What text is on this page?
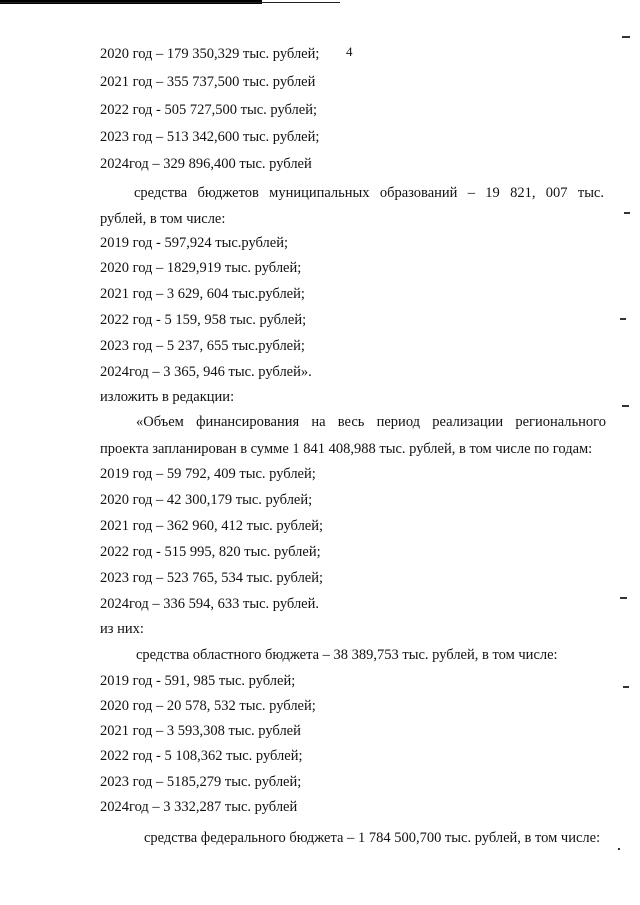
4
2020 год – 179 350,329 тыс. рублей;
2021 год – 355 737,500 тыс. рублей
2022 год - 505 727,500 тыс. рублей;
2023 год – 513 342,600 тыс. рублей;
2024год – 329 896,400 тыс. рублей
средства бюджетов муниципальных образований – 19 821, 007 тыс.
рублей, в том числе:
2019 год - 597,924 тыс.рублей;
2020 год – 1829,919 тыс. рублей;
2021 год – 3 629, 604 тыс.рублей;
2022 год - 5 159, 958 тыс. рублей;
2023 год – 5 237, 655 тыс.рублей;
2024год – 3 365, 946 тыс. рублей».
изложить в редакции:
«Объем финансирования на весь период реализации регионального
проекта запланирован в сумме 1 841 408,988 тыс. рублей, в том числе по годам:
2019 год – 59 792, 409 тыс. рублей;
2020 год – 42 300,179 тыс. рублей;
2021 год – 362 960, 412 тыс. рублей;
2022 год - 515 995, 820 тыс. рублей;
2023 год – 523 765, 534 тыс. рублей;
2024год – 336 594, 633 тыс. рублей.
из них:
средства областного бюджета – 38 389,753 тыс. рублей, в том числе:
2019 год - 591, 985 тыс. рублей;
2020 год – 20 578, 532 тыс. рублей;
2021 год – 3 593,308 тыс. рублей
2022 год - 5 108,362 тыс. рублей;
2023 год – 5185,279 тыс. рублей;
2024год – 3 332,287 тыс. рублей
средства федерального бюджета – 1 784 500,700 тыс. рублей, в том числе:
